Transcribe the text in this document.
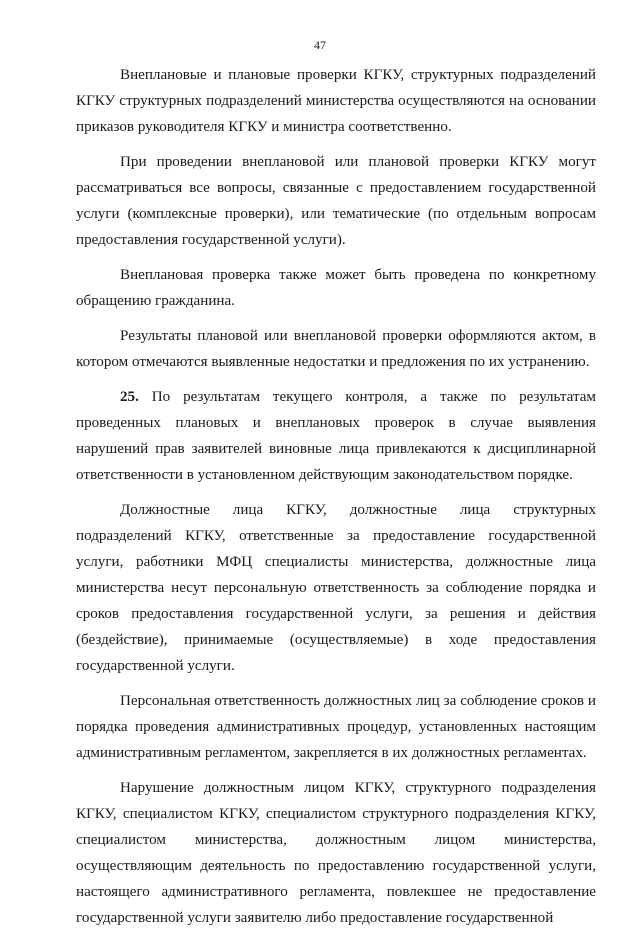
47

Внеплановые и плановые проверки КГКУ, структурных подразделений КГКУ структурных подразделений министерства осуществляются на основании приказов руководителя КГКУ и министра соответственно.

При проведении внеплановой или плановой проверки КГКУ могут рассматриваться все вопросы, связанные с предоставлением государственной услуги (комплексные проверки), или тематические (по отдельным вопросам предоставления государственной услуги).

Внеплановая проверка также может быть проведена по конкретному обращению гражданина.

Результаты плановой или внеплановой проверки оформляются актом, в котором отмечаются выявленные недостатки и предложения по их устранению.

25. По результатам текущего контроля, а также по результатам проведенных плановых и внеплановых проверок в случае выявления нарушений прав заявителей виновные лица привлекаются к дисциплинарной ответственности в установленном действующим законодательством порядке.

Должностные лица КГКУ, должностные лица структурных подразделений КГКУ, ответственные за предоставление государственной услуги, работники МФЦ специалисты министерства, должностные лица министерства несут персональную ответственность за соблюдение порядка и сроков предоставления государственной услуги, за решения и действия (бездействие), принимаемые (осуществляемые) в ходе предоставления государственной услуги.

Персональная ответственность должностных лиц за соблюдение сроков и порядка проведения административных процедур, установленных настоящим административным регламентом, закрепляется в их должностных регламентах.

Нарушение должностным лицом КГКУ, структурного подразделения КГКУ, специалистом КГКУ, специалистом структурного подразделения КГКУ, специалистом министерства, должностным лицом министерства, осуществляющим деятельность по предоставлению государственной услуги, настоящего административного регламента, повлекшее не предоставление государственной услуги заявителю либо предоставление государственной
